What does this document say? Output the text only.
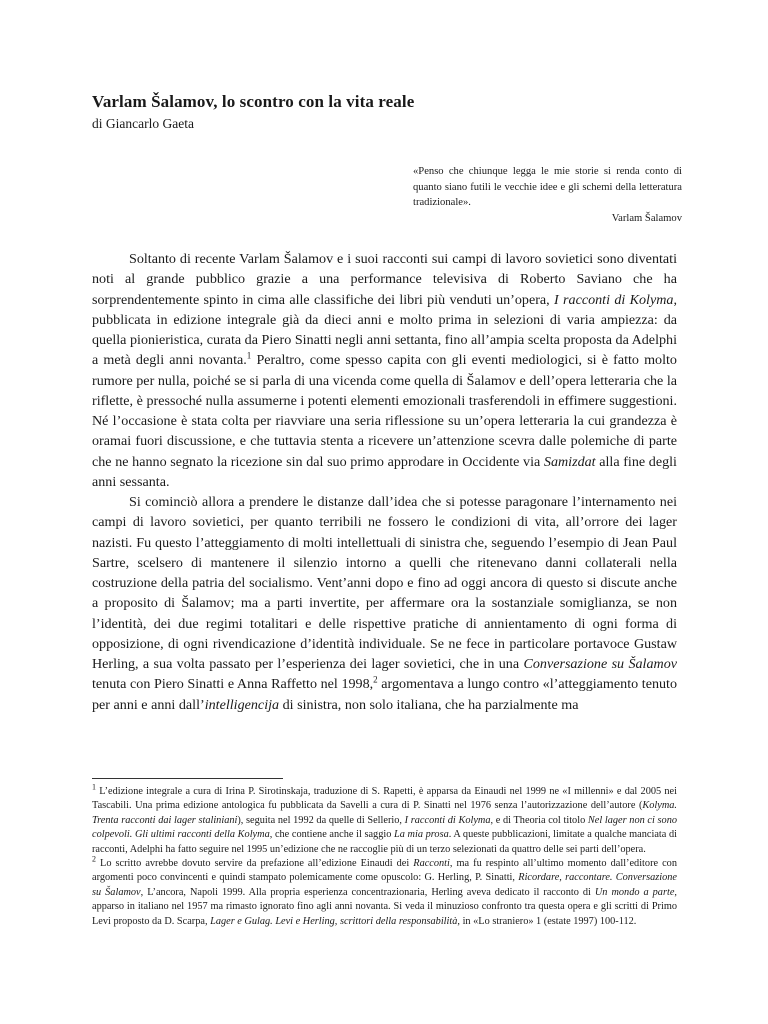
Varlam Šalamov, lo scontro con la vita reale
di Giancarlo Gaeta
«Penso che chiunque legga le mie storie si renda conto di quanto siano futili le vecchie idee e gli schemi della letteratura tradizionale».
Varlam Šalamov

Soltanto di recente Varlam Šalamov e i suoi racconti sui campi di lavoro sovietici sono diventati noti al grande pubblico grazie a una performance televisiva di Roberto Saviano che ha sorprendentemente spinto in cima alle classifiche dei libri più venduti un’opera, I racconti di Kolyma, pubblicata in edizione integrale già da dieci anni e molto prima in selezioni di varia ampiezza: da quella pionieristica, curata da Piero Sinatti negli anni settanta, fino all’ampia scelta proposta da Adelphi a metà degli anni novanta.$^1$ Peraltro, come spesso capita con gli eventi mediologici, si è fatto molto rumore per nulla, poiché se si parla di una vicenda come quella di Šalamov e dell’opera letteraria che la riflette, è pressoché nulla assumerne i potenti elementi emozionali trasferendoli in effimere suggestioni. Né l’occasione è stata colta per riavviare una seria riflessione su un’opera letteraria la cui grandezza è oramai fuori discussione, e che tuttavia stenta a ricevere un’attenzione scevra dalle polemiche di parte che ne hanno segnato la ricezione sin dal suo primo approdare in Occidente via Samizdat alla fine degli anni sessanta.

Si cominciò allora a prendere le distanze dall’idea che si potesse paragonare l’internamento nei campi di lavoro sovietici, per quanto terribili ne fossero le condizioni di vita, all’orrore dei lager nazisti. Fu questo l’atteggiamento di molti intellettuali di sinistra che, seguendo l’esempio di Jean Paul Sartre, scelsero di mantenere il silenzio intorno a quelli che ritenevano danni collaterali nella costruzione della patria del socialismo. Vent’anni dopo e fino ad oggi ancora di questo si discute anche a proposito di Šalamov; ma a parti invertite, per affermare ora la sostanziale somiglianza, se non l’identità, dei due regimi totalitari e delle rispettive pratiche di annientamento di ogni forma di opposizione, di ogni rivendicazione d’identità individuale. Se ne fece in particolare portavoce Gustaw Herling, a sua volta passato per l’esperienza dei lager sovietici, che in una Conversazione su Šalamov tenuta con Piero Sinatti e Anna Raffetto nel 1998,$^2$ argomentava a lungo contro «l’atteggiamento tenuto per anni e anni dall’intelligencija di sinistra, non solo italiana, che ha parzialmente ma

$^1$ L’edizione integrale a cura di Irina P. Sirotinskaja, traduzione di S. Rapetti, è apparsa da Einaudi nel 1999 ne «I millenni» e dal 2005 nei Tascabili. Una prima edizione antologica fu pubblicata da Savelli a cura di P. Sinatti nel 1976 senza l’autorizzazione dell’autore (Kolyma. Trenta racconti dai lager staliniani), seguita nel 1992 da quelle di Sellerio, I racconti di Kolyma, e di Theoria col titolo Nel lager non ci sono colpevoli. Gli ultimi racconti della Kolyma, che contiene anche il saggio La mia prosa. A queste pubblicazioni, limitate a qualche manciata di racconti, Adelphi ha fatto seguire nel 1995 un’edizione che ne raccoglie più di un terzo selezionati da quattro delle sei parti dell’opera.

$^2$ Lo scritto avrebbe dovuto servire da prefazione all’edizione Einaudi dei Racconti, ma fu respinto all’ultimo momento dall’editore con argomenti poco convincenti e quindi stampato polemicamente come opuscolo: G. Herling, P. Sinatti, Ricordare, raccontare. Conversazione su Šalamov, L’ancora, Napoli 1999. Alla propria esperienza concentrazionaria, Herling aveva dedicato il racconto di Un mondo a parte, apparso in italiano nel 1957 ma rimasto ignorato fino agli anni novanta. Si veda il minuzioso confronto tra questa opera e gli scritti di Primo Levi proposto da D. Scarpa, Lager e Gulag. Levi e Herling, scrittori della responsabilità, in «Lo straniero» 1 (estate 1997) 100-112.
